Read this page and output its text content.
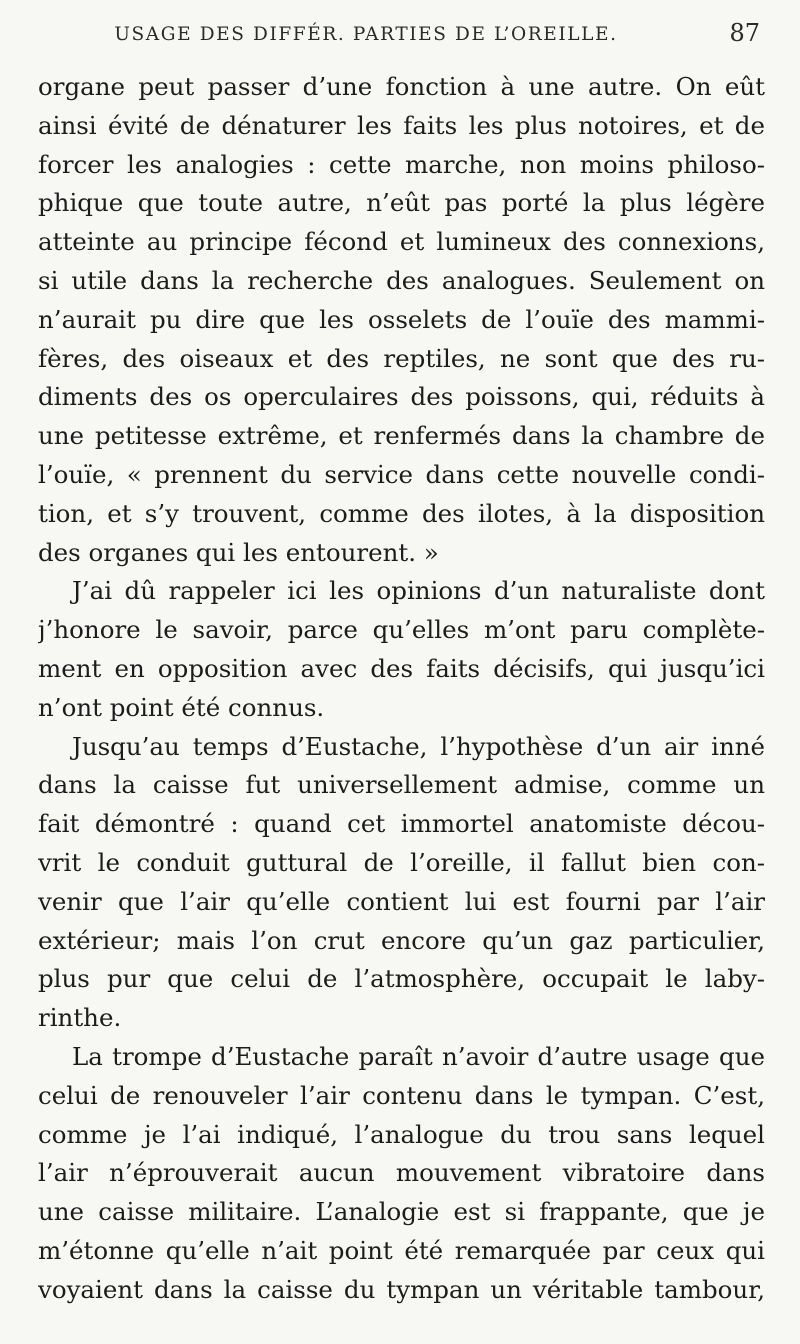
USAGE DES DIFFÉR. PARTIES DE L’OREILLE.	87
organe peut passer d’une fonction à une autre. On eût
ainsi évité de dénaturer les faits les plus notoires, et de
forcer les analogies : cette marche, non moins philoso-
phique que toute autre, n’eût pas porté la plus légère
atteinte au principe fécond et lumineux des connexions,
si utile dans la recherche des analogues. Seulement on
n’aurait pu dire que les osselets de l’ouïe des mammi-
fères, des oiseaux et des reptiles, ne sont que des ru-
diments des os operculaires des poissons, qui, réduits à
une petitesse extrême, et renfermés dans la chambre de
l’ouïe, « prennent du service dans cette nouvelle condi-
tion, et s’y trouvent, comme des ilotes, à la disposition
des organes qui les entourent. »
J’ai dû rappeler ici les opinions d’un naturaliste dont
j’honore le savoir, parce qu’elles m’ont paru complète-
ment en opposition avec des faits décisifs, qui jusqu’ici
n’ont point été connus.
Jusqu’au temps d’Eustache, l’hypothèse d’un air inné
dans la caisse fut universellement admise, comme un
fait démontré : quand cet immortel anatomiste décou-
vrit le conduit guttural de l’oreille, il fallut bien con-
venir que l’air qu’elle contient lui est fourni par l’air
extérieur; mais l’on crut encore qu’un gaz particulier,
plus pur que celui de l’atmosphère, occupait le laby-
rinthe.
La trompe d’Eustache paraît n’avoir d’autre usage que
celui de renouveler l’air contenu dans le tympan. C’est,
comme je l’ai indiqué, l’analogue du trou sans lequel
l’air n’éprouverait aucun mouvement vibratoire dans
une caisse militaire. L’analogie est si frappante, que je
m’étonne qu’elle n’ait point été remarquée par ceux qui
voyaient dans la caisse du tympan un véritable tambour,
